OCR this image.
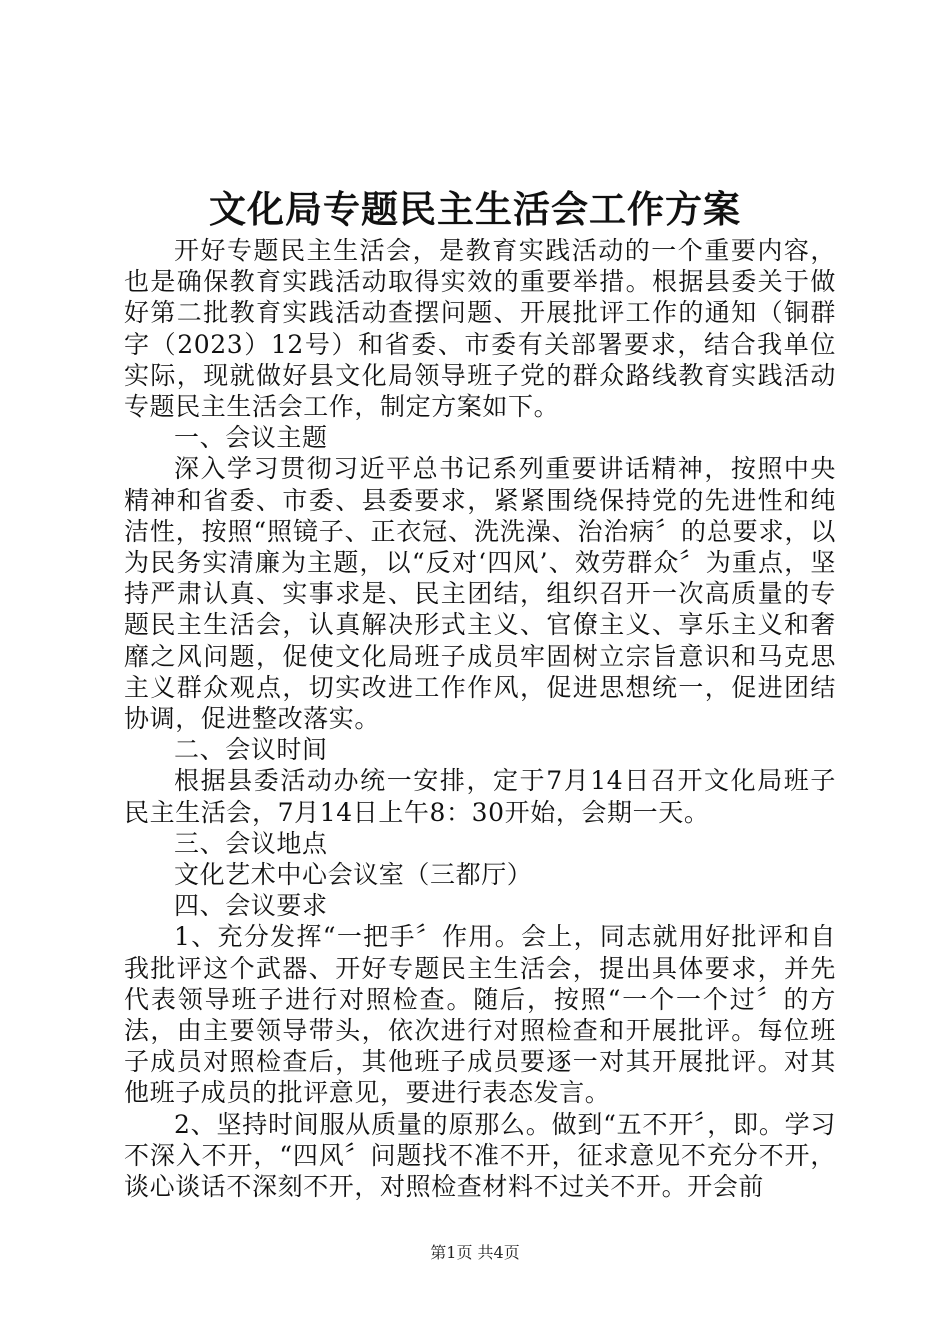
文化局专题民主生活会工作方案

开好专题民主生活会，是教育实践活动的一个重要内容，也是确保教育实践活动取得实效的重要举措。根据县委关于做好第二批教育实践活动查摆问题、开展批评工作的通知（铜群字（2023）12号）和省委、市委有关部署要求，结合我单位实际，现就做好县文化局领导班子党的群众路线教育实践活动专题民主生活会工作，制定方案如下。

一、会议主题

深入学习贯彻习近平总书记系列重要讲话精神，按照中央精神和省委、市委、县委要求，紧紧围绕保持党的先进性和纯洁性，按照“照镜子、正衣冠、洗洗澡、治治病〞的总要求，以为民务实清廉为主题，以“反对‘四风’、效劳群众〞为重点，坚持严肃认真、实事求是、民主团结，组织召开一次高质量的专题民主生活会，认真解决形式主义、官僚主义、享乐主义和奢靡之风问题，促使文化局班子成员牢固树立宗旨意识和马克思主义群众观点，切实改进工作作风，促进思想统一，促进团结协调，促进整改落实。

二、会议时间

根据县委活动办统一安排，定于7月14日召开文化局班子民主生活会，7月14日上午8：30开始，会期一天。

三、会议地点

文化艺术中心会议室（三都厅）

四、会议要求

1、充分发挥“一把手〞作用。会上，同志就用好批评和自我批评这个武器、开好专题民主生活会，提出具体要求，并先代表领导班子进行对照检查。随后，按照“一个一个过〞的方法，由主要领导带头，依次进行对照检查和开展批评。每位班子成员对照检查后，其他班子成员要逐一对其开展批评。对其他班子成员的批评意见，要进行表态发言。

2、坚持时间服从质量的原那么。做到“五不开〞，即。学习不深入不开，“四风〞问题找不准不开，征求意见不充分不开，谈心谈话不深刻不开，对照检查材料不过关不开。开会前

第1页 共4页
